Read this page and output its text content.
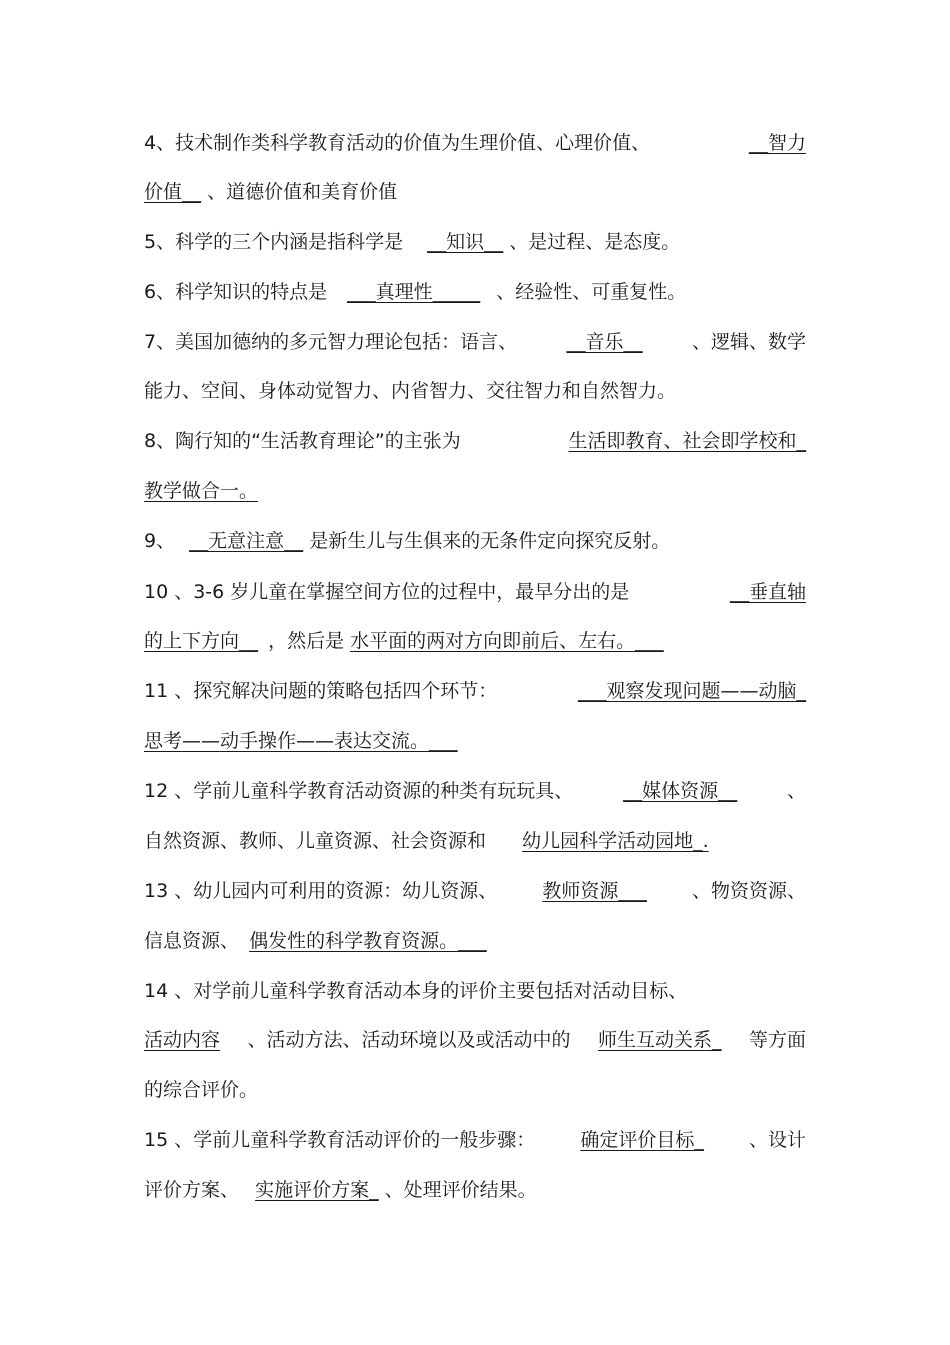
4、技术制作类科学教育活动的价值为生理价值、心理价值、	__智力
价值__ 、道德价值和美育价值
5、科学的三个内涵是指科学是 __知识__ 、是过程、是态度。
6、科学知识的特点是 ___真理性_____ 、经验性、可重复性。
7、美国加德纳的多元智力理论包括：语言、	__音乐__	、逻辑、数学
能力、空间、身体动觉智力、内省智力、交往智力和自然智力。
8、陶行知的“生活教育理论”的主张为	生活即教育、社会即学校和_
教学做合一。
9、 __无意注意__ 是新生儿与生俱来的无条件定向探究反射。
10 、3-6 岁儿童在掌握空间方位的过程中，最早分出的是	__垂直轴
的上下方向__ ，然后是 水平面的两对方向即前后、左右。___
11 、探究解决问题的策略包括四个环节：	___观察发现问题——动脑_
思考——动手操作——表达交流。___
12 、学前儿童科学教育活动资源的种类有玩玩具、	__媒体资源__	、
自然资源、教师、儿童资源、社会资源和 幼儿园科学活动园地_.
13 、幼儿园内可利用的资源：幼儿资源、 教师资源___ 、物资资源、
信息资源、 偶发性的科学教育资源。___
14 、对学前儿童科学教育活动本身的评价主要包括对活动目标、
活动内容 、活动方法、活动环境以及或活动中的 师生互动关系_ 等方面
的综合评价。
15 、学前儿童科学教育活动评价的一般步骤： 确定评价目标_ 、设计
评价方案、 实施评价方案_ 、处理评价结果。
